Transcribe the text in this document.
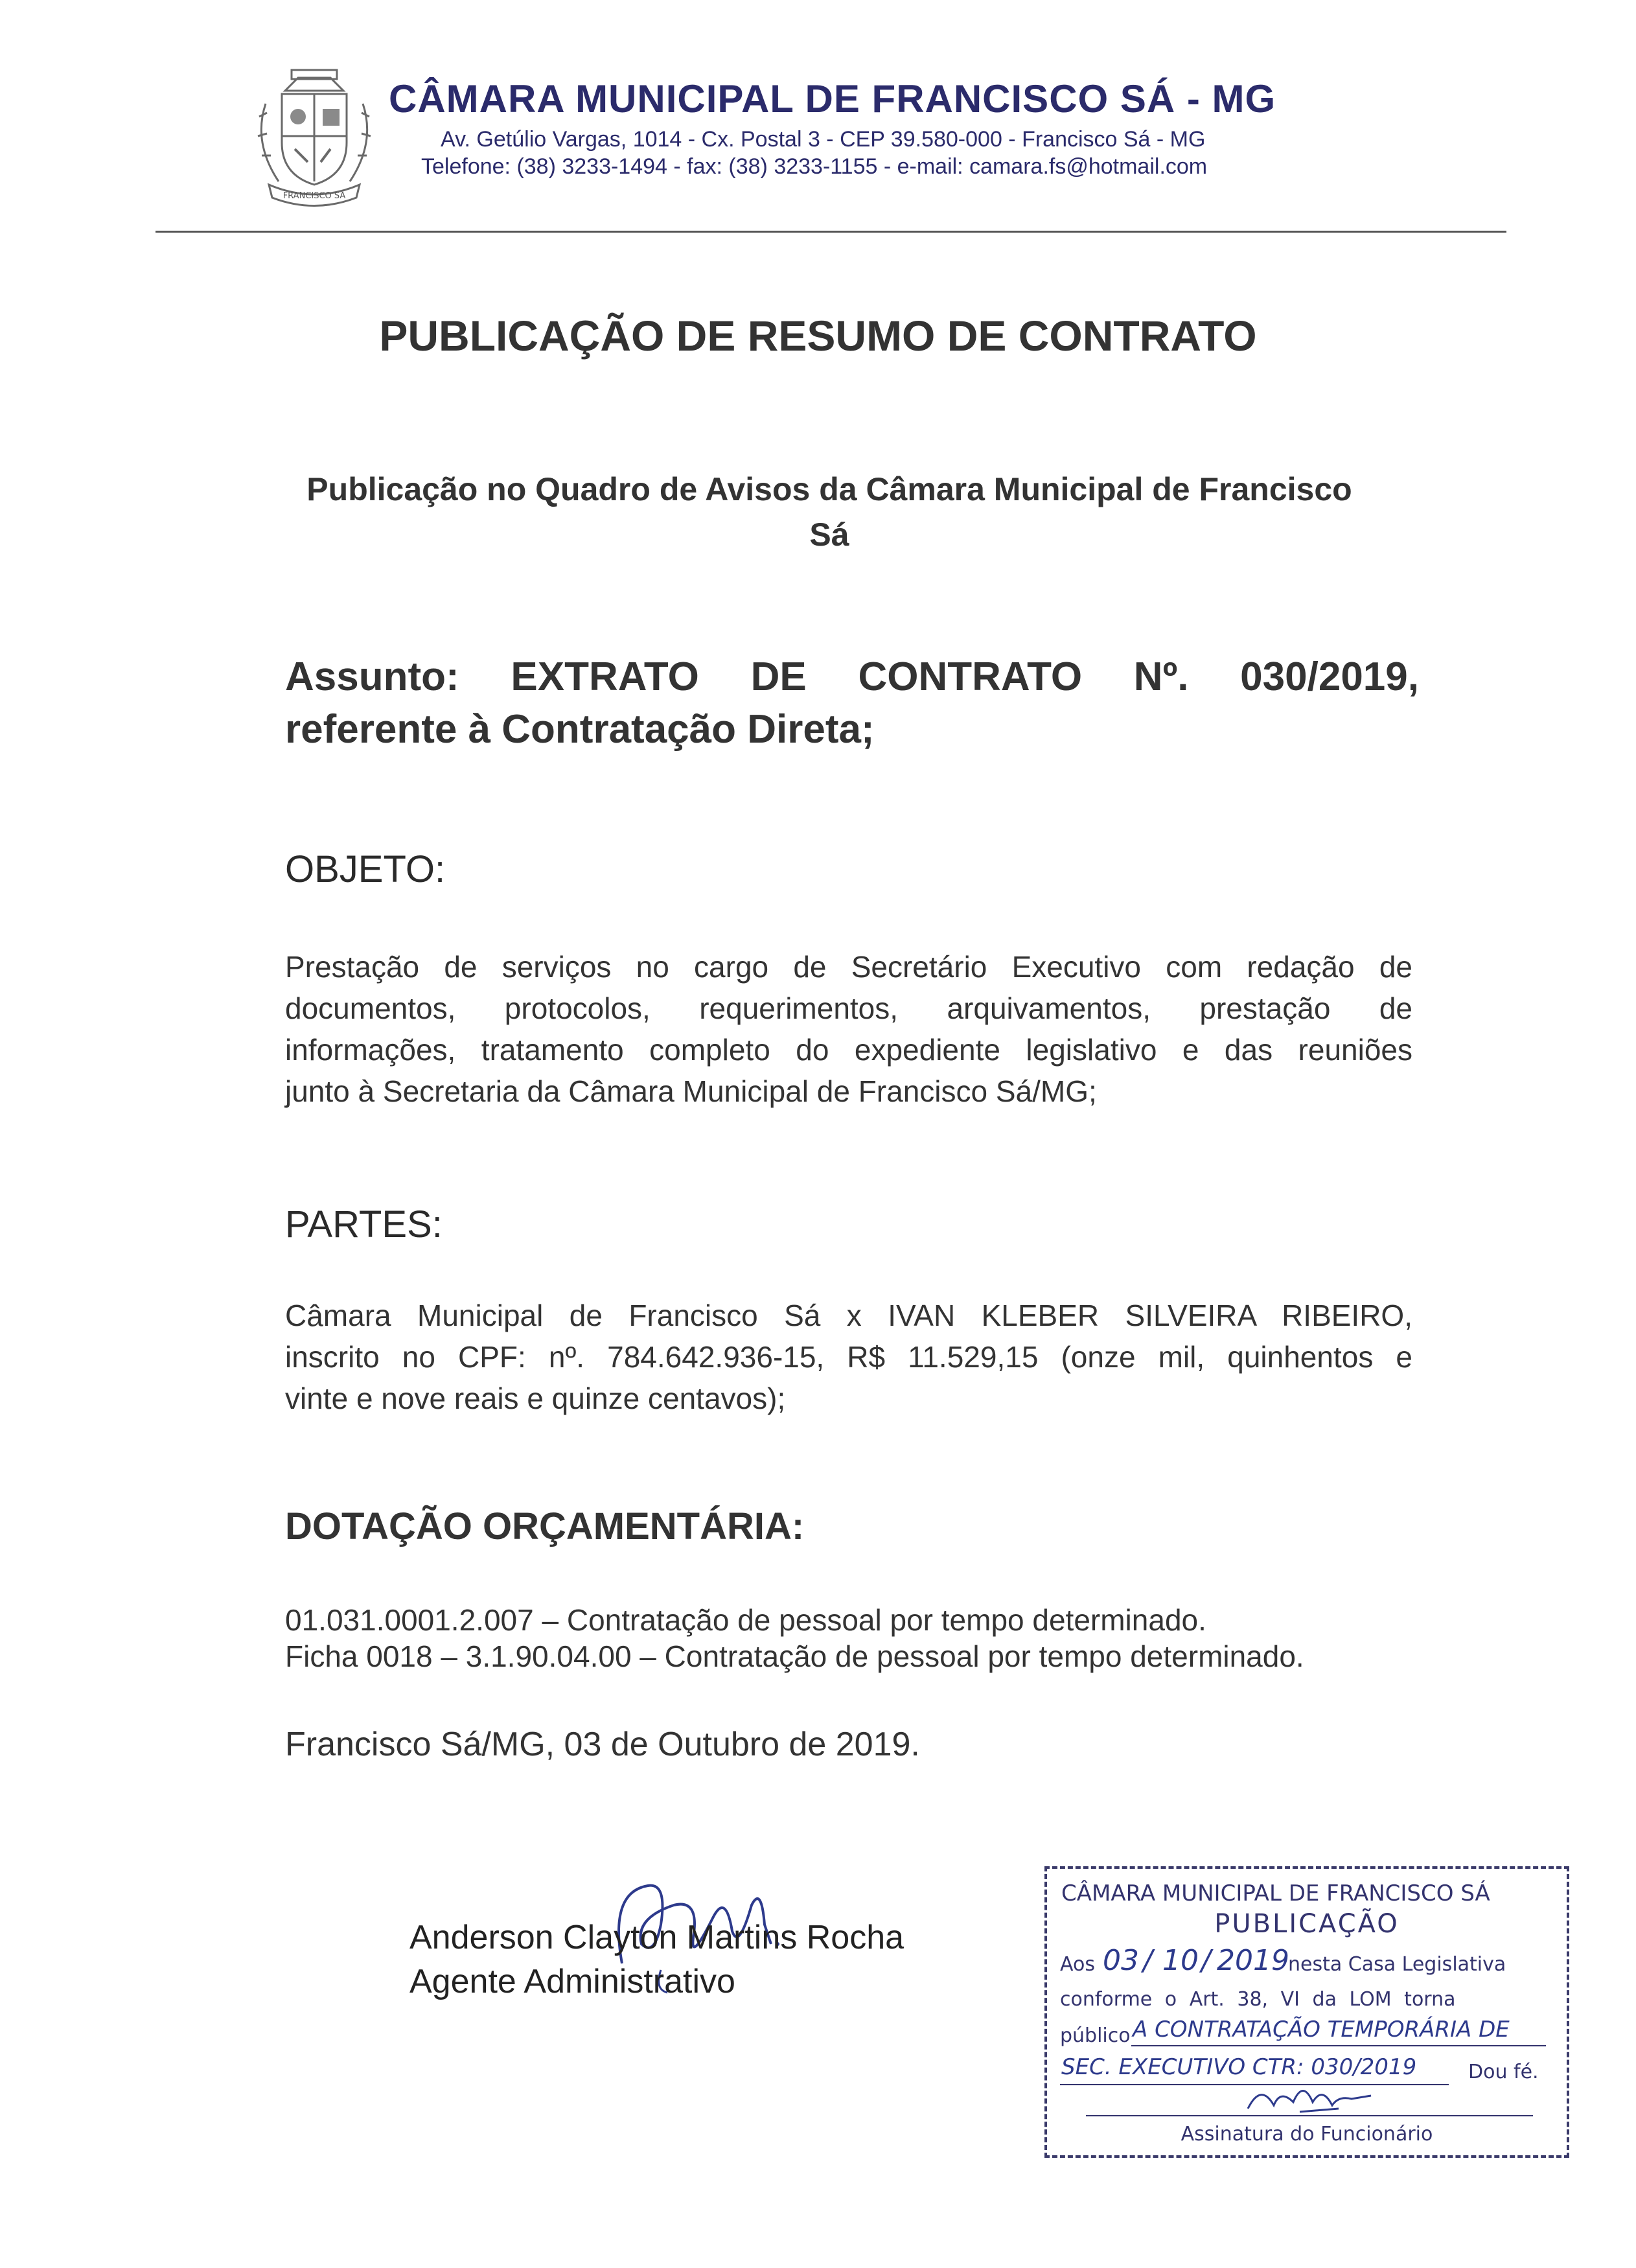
FRANCISCO SÁ
CÂMARA MUNICIPAL DE FRANCISCO SÁ - MG
Av. Getúlio Vargas, 1014 - Cx. Postal 3 - CEP 39.580-000 - Francisco Sá - MG
Telefone: (38) 3233-1494 - fax: (38) 3233-1155 - e-mail: camara.fs@hotmail.com
PUBLICAÇÃO DE RESUMO DE CONTRATO
Publicação no Quadro de Avisos da Câmara Municipal de Francisco Sá
Assunto: EXTRATO DE CONTRATO Nº. 030/2019,
referente à Contratação Direta;
OBJETO:
Prestação de serviços no cargo de Secretário Executivo com redação de
documentos, protocolos, requerimentos, arquivamentos, prestação de
informações, tratamento completo do expediente legislativo e das reuniões
junto à Secretaria da Câmara Municipal de Francisco Sá/MG;
PARTES:
Câmara Municipal de Francisco Sá x IVAN KLEBER SILVEIRA RIBEIRO,
inscrito no CPF: nº. 784.642.936-15, R$ 11.529,15 (onze mil, quinhentos e
vinte e nove reais e quinze centavos);
DOTAÇÃO ORÇAMENTÁRIA:
01.031.0001.2.007 – Contratação de pessoal por tempo determinado.
Ficha 0018 – 3.1.90.04.00 – Contratação de pessoal por tempo determinado.
Francisco Sá/MG, 03 de Outubro de 2019.
Anderson Clayton Martins Rocha
Agente Administrativo
CÂMARA MUNICIPAL DE FRANCISCO SÁ
PUBLICAÇÃO
Aos 03 / 10 / 2019
nesta Casa Legislativa
conforme o Art. 38, VI da LOM torna
público A CONTRATAÇÃO TEMPORÁRIA DE
SEC. EXECUTIVO CTR: 030/2019	Dou fé.
Assinatura do Funcionário
